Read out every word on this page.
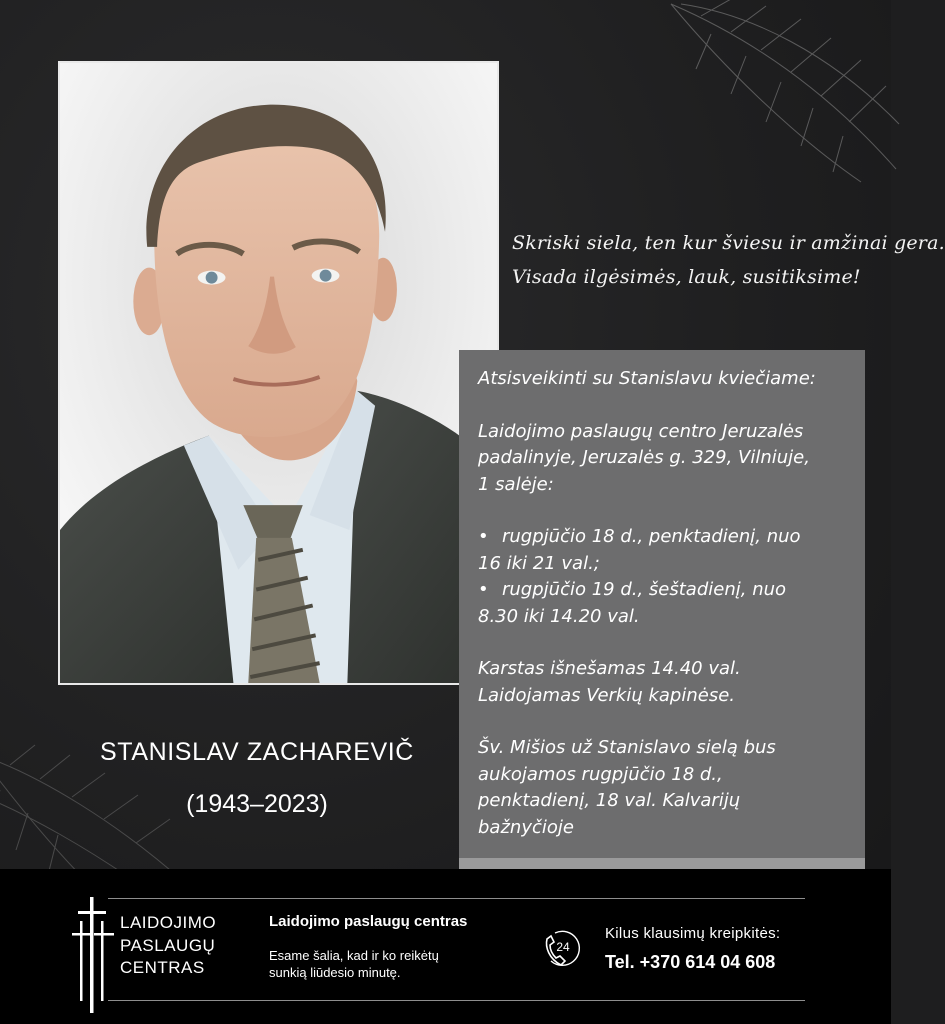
Skriski siela, ten kur šviesu ir amžinai gera.
Visada ilgėsimės, lauk, susitiksime!

Atsisveikinti su Stanislavu kviečiame:

Laidojimo paslaugų centro Jeruzalės

padalinyje, Jeruzalės g. 329, Vilniuje,

1 salėje:

• rugpjūčio 18 d., penktadienį, nuo

16 iki 21 val.;

• rugpjūčio 19 d., šeštadienį, nuo

8.30 iki 14.20 val.

Karstas išnešamas 14.40 val.

Laidojamas Verkių kapinėse.

Šv. Mišios už Stanislavo sielą bus

aukojamos rugpjūčio 18 d.,

penktadienį, 18 val. Kalvarijų

bažnyčioje

STANISLAV ZACHAREVIČ
(1943–2023)
LAIDOJIMO
PASLAUGŲ
CENTRAS
Laidojimo paslaugų centras
Esame šalia, kad ir ko reikėtų
sunkią liūdesio minutę.
24
Kilus klausimų kreipkitės:
Tel. +370 614 04 608
